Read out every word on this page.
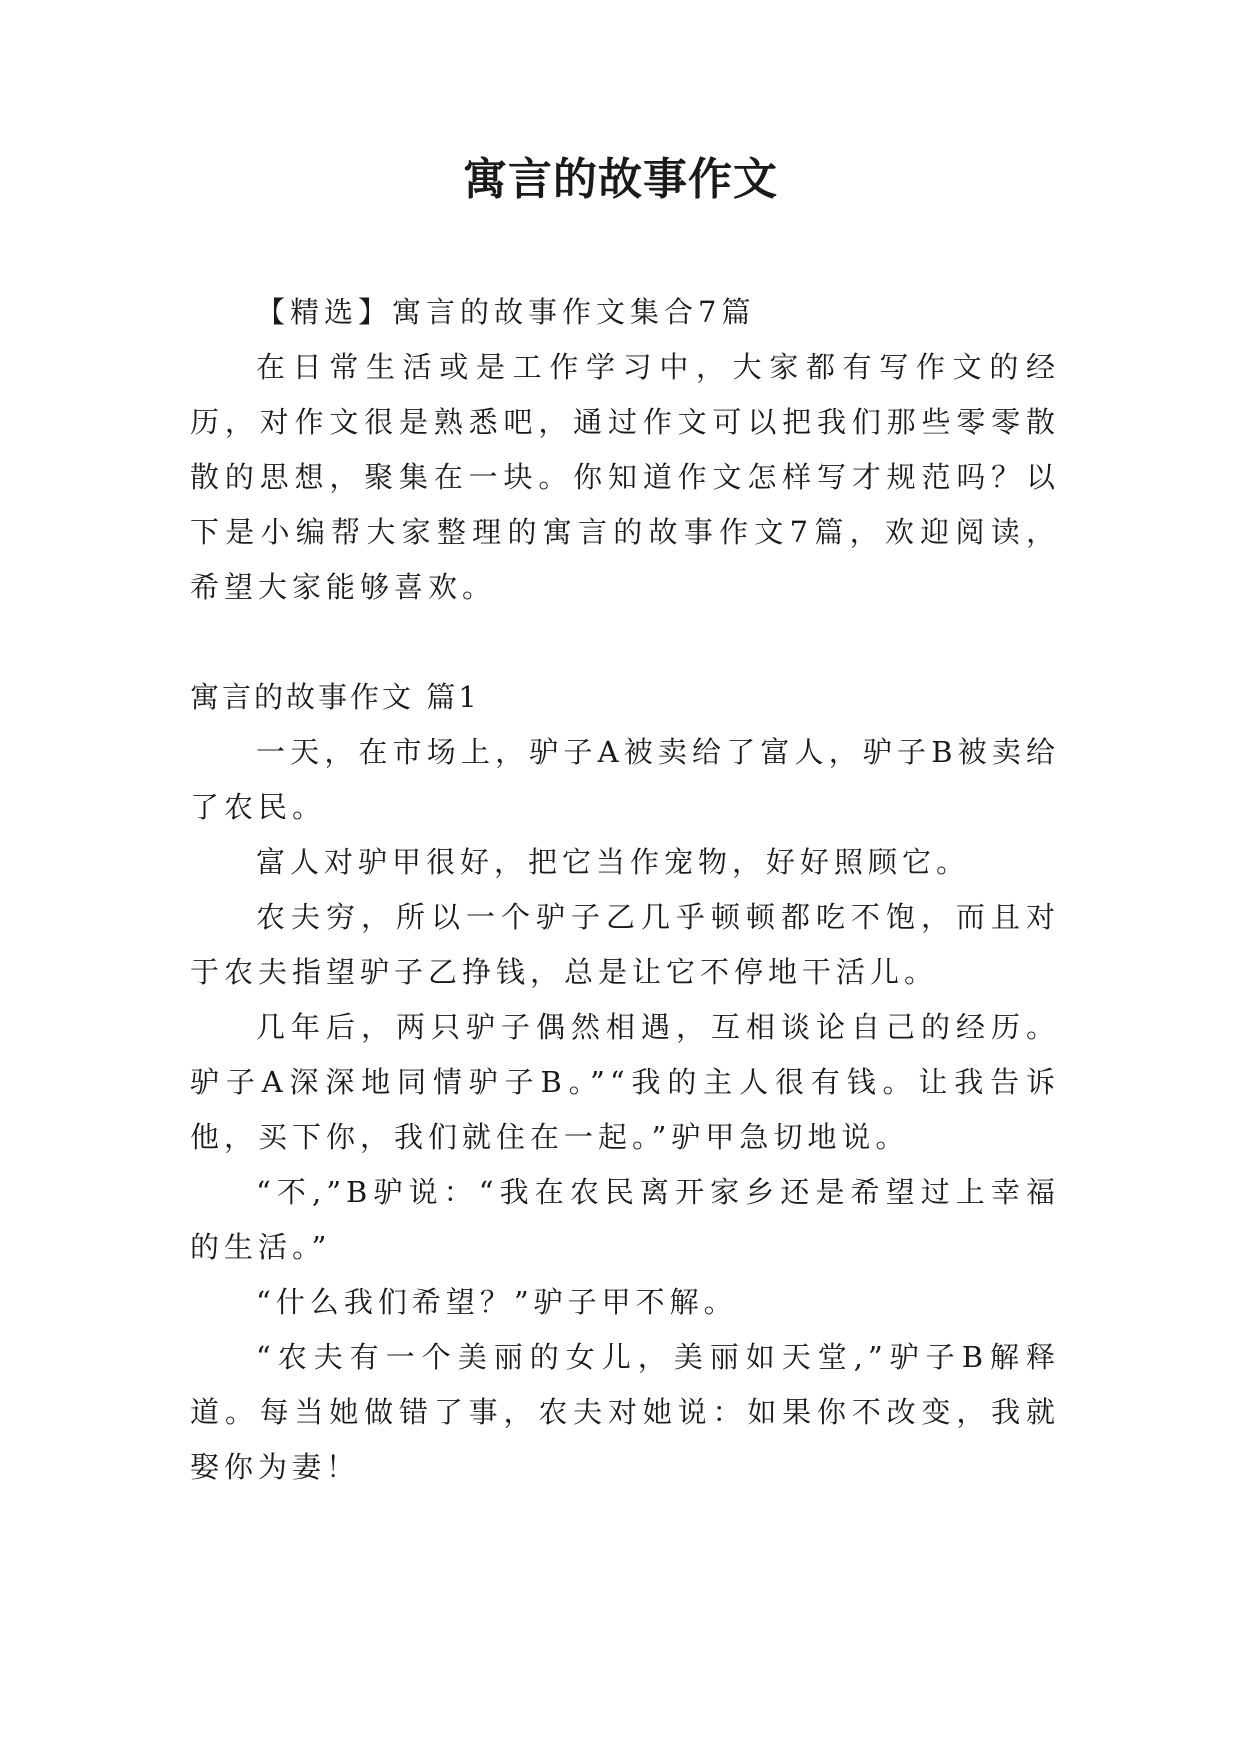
寓言的故事作文

【精选】寓言的故事作文集合7篇

在日常生活或是工作学习中，大家都有写作文的经历，对作文很是熟悉吧，通过作文可以把我们那些零零散散的思想，聚集在一块。你知道作文怎样写才规范吗？以下是小编帮大家整理的寓言的故事作文7篇，欢迎阅读，希望大家能够喜欢。

寓言的故事作文 篇1

一天，在市场上，驴子A被卖给了富人，驴子B被卖给了农民。

富人对驴甲很好，把它当作宠物，好好照顾它。

农夫穷，所以一个驴子乙几乎顿顿都吃不饱，而且对于农夫指望驴子乙挣钱，总是让它不停地干活儿。

几年后，两只驴子偶然相遇，互相谈论自己的经历。驴子A深深地同情驴子B。”“我的主人很有钱。让我告诉他，买下你，我们就住在一起。”驴甲急切地说。

“不,”B驴说：“我在农民离开家乡还是希望过上幸福的生活。”

“什么我们希望？”驴子甲不解。

“农夫有一个美丽的女儿，美丽如天堂,”驴子B解释道。每当她做错了事，农夫对她说：如果你不改变，我就娶你为妻！
